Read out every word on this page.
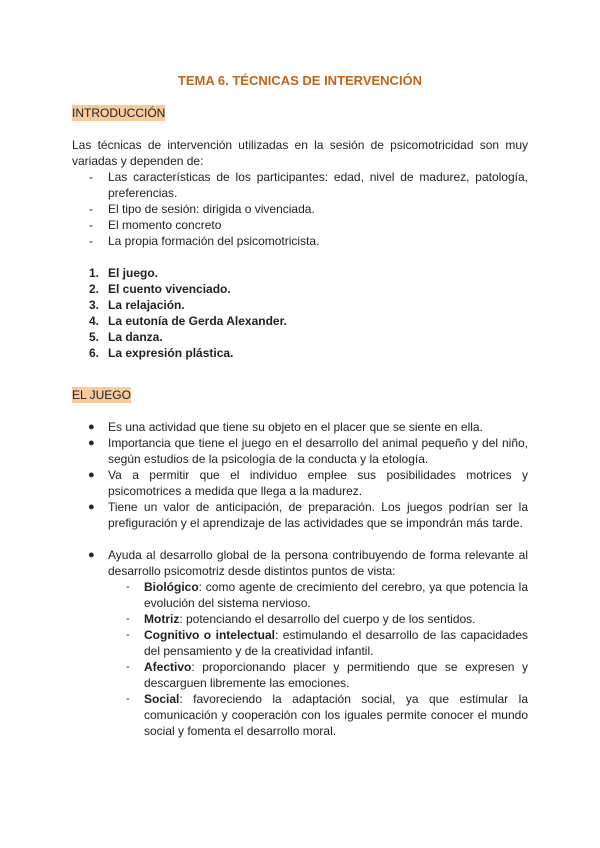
TEMA 6. TÉCNICAS DE INTERVENCIÓN
INTRODUCCIÓN

Las técnicas de intervención utilizadas en la sesión de psicomotricidad son muy variadas y dependen de:

- Las características de los participantes: edad, nivel de madurez, patología, preferencias.
- El tipo de sesión: dirigida o vivenciada.
- El momento concreto
- La propia formación del psicomotricista.
1. El juego.
2. El cuento vivenciado.
3. La relajación.
4. La eutonía de Gerda Alexander.
5. La danza.
6. La expresión plástica.
EL JUEGO
● Es una actividad que tiene su objeto en el placer que se siente en ella.
● Importancia que tiene el juego en el desarrollo del animal pequeño y del niño, según estudios de la psicología de la conducta y la etología.
● Va a permitir que el individuo emplee sus posibilidades motrices y psicomotrices a medida que llega a la madurez.
● Tiene un valor de anticipación, de preparación. Los juegos podrían ser la prefiguración y el aprendizaje de las actividades que se impondrán más tarde.
● Ayuda al desarrollo global de la persona contribuyendo de forma relevante al desarrollo psicomotriz desde distintos puntos de vista:
- Biológico: como agente de crecimiento del cerebro, ya que potencia la evolución del sistema nervioso.
- Motriz: potenciando el desarrollo del cuerpo y de los sentidos.
- Cognitivo o intelectual: estimulando el desarrollo de las capacidades del pensamiento y de la creatividad infantil.
- Afectivo: proporcionando placer y permitiendo que se expresen y descarguen libremente las emociones.
- Social: favoreciendo la adaptación social, ya que estimular la comunicación y cooperación con los iguales permite conocer el mundo social y fomenta el desarrollo moral.
